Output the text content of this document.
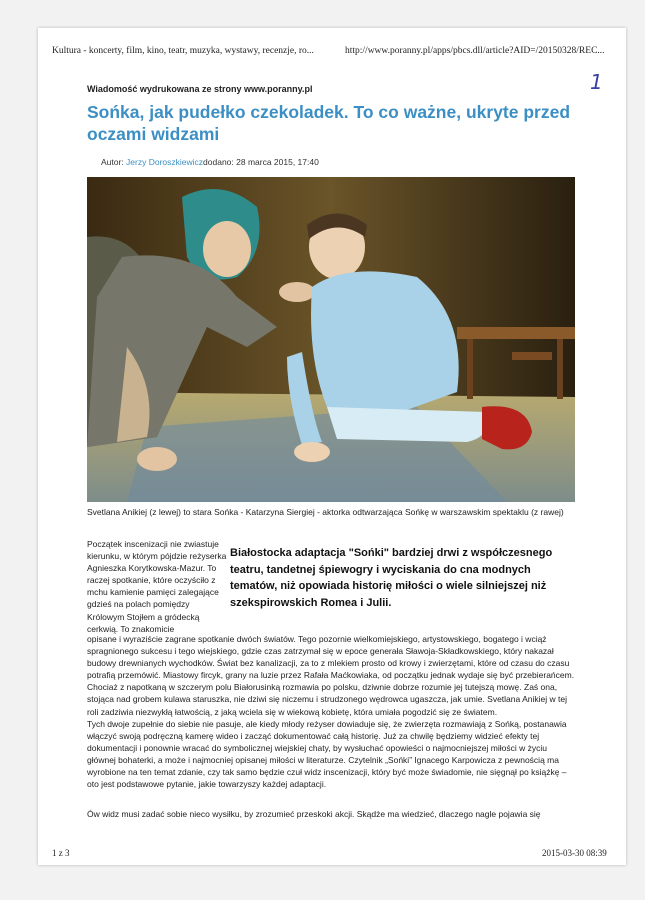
Kultura - koncerty, film, kino, teatr, muzyka, wystawy, recenzje, ro...	http://www.poranny.pl/apps/pbcs.dll/article?AID=/20150328/REC...
Wiadomość wydrukowana ze strony www.poranny.pl	1
Sońka, jak pudełko czekoladek. To co ważne, ukryte przed oczami widzami
Autor: Jerzy Doroszkiewiczdodano: 28 marca 2015, 17:40
Svetlana Anikiej (z lewej) to stara Sońka - Katarzyna Siergiej - aktorka odtwarzająca Sońkę w warszawskim spektaklu (z rawej)
Początek inscenizacji nie zwiastuje kierunku, w którym pójdzie reżyserka Agnieszka Korytkowska-Mazur. To raczej spotkanie, które oczyściło z mchu kamienie pamięci zalegające gdzieś na polach pomiędzy Królowym Stojłem a gródecką cerkwią. To znakomicie
Białostocka adaptacja "Sońki" bardziej drwi z współczesnego teatru, tandetnej śpiewogry i wyciskania do cna modnych tematów, niż opowiada historię miłości o wiele silniejszej niż szekspirowskich Romea i Julii.

opisane i wyraziście zagrane spotkanie dwóch światów. Tego pozornie wielkomiejskiego, artystowskiego, bogatego i wciąż spragnionego sukcesu i tego wiejskiego, gdzie czas zatrzymał się w epoce generała Sławoja-Składkowskiego, który nakazał budowy drewnianych wychodków. Świat bez kanalizacji, za to z mlekiem prosto od krowy i zwierzętami, które od czasu do czasu potrafią przemówić. Miastowy fircyk, grany na luzie przez Rafała Maćkowiaka, od początku jednak wydaje się być przebierańcem. Chociaż z napotkaną w szczerym polu Białorusinką rozmawia po polsku, dziwnie dobrze rozumie jej tutejszą mowę. Zaś ona, stojąca nad grobem kulawa staruszka, nie dziwi się niczemu i strudzonego wędrowca ugaszcza, jak umie. Svetlana Anikiej w tej roli zadziwia niezwykłą łatwością, z jaką wciela się w wiekową kobietę, która umiała pogodzić się ze światem.

Tych dwoje zupełnie do siebie nie pasuje, ale kiedy młody reżyser dowiaduje się, że zwierzęta rozmawiają z Sońką, postanawia włączyć swoją podręczną kamerę wideo i zacząć dokumentować całą historię. Już za chwilę będziemy widzieć efekty tej dokumentacji i ponownie wracać do symbolicznej wiejskiej chaty, by wysłuchać opowieści o najmocniejszej miłości w życiu głównej bohaterki, a może i najmocniej opisanej miłości w literaturze. Czytelnik „Sońki” Ignacego Karpowicza z pewnością ma wyrobione na ten temat zdanie, czy tak samo będzie czuł widz inscenizacji, który być może świadomie, nie sięgnął po książkę – oto jest podstawowe pytanie, jakie towarzyszy każdej adaptacji.

Ów widz musi zadać sobie nieco wysiłku, by zrozumieć przeskoki akcji. Skądże ma wiedzieć, dlaczego nagle pojawia się
1 z 3	2015-03-30 08:39
